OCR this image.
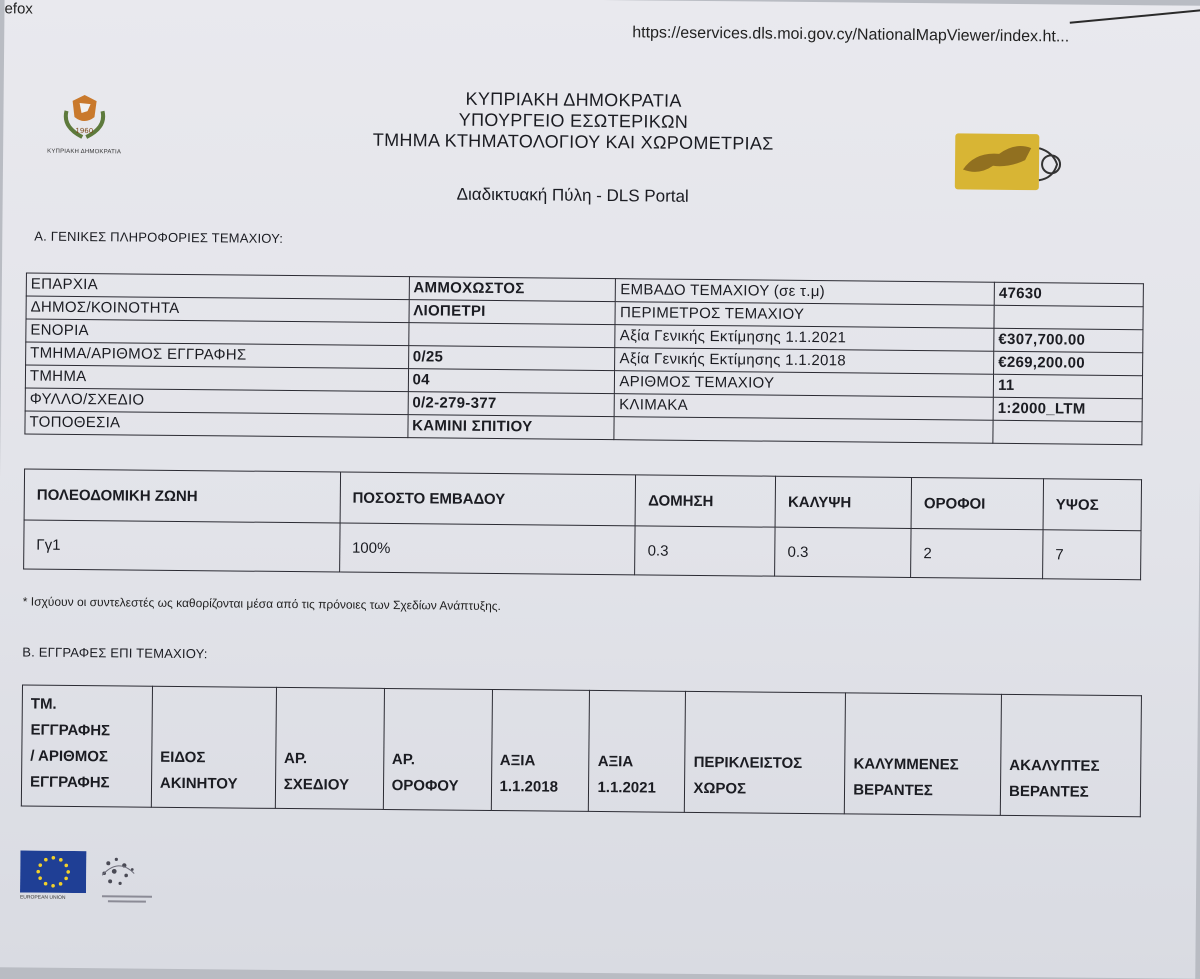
efox
https://eservices.dls.moi.gov.cy/NationalMapViewer/index.ht...
1960
ΚΥΠΡΙΑΚΗ ΔΗΜΟΚΡΑΤΙΑ
ΚΥΠΡΙΑΚΗ ΔΗΜΟΚΡΑΤΙΑ
ΥΠΟΥΡΓΕΙΟ ΕΣΩΤΕΡΙΚΩΝ
ΤΜΗΜΑ ΚΤΗΜΑΤΟΛΟΓΙΟΥ ΚΑΙ ΧΩΡΟΜΕΤΡΙΑΣ
Διαδικτυακή Πύλη - DLS Portal
Α. ΓΕΝΙΚΕΣ ΠΛΗΡΟΦΟΡΙΕΣ ΤΕΜΑΧΙΟΥ:
ΕΠΑΡΧΙΑ	ΑΜΜΟΧΩΣΤΟΣ	ΕΜΒΑΔΟ ΤΕΜΑΧΙΟΥ (σε τ.μ)	47630
ΔΗΜΟΣ/ΚΟΙΝΟΤΗΤΑ	ΛΙΟΠΕΤΡΙ	ΠΕΡΙΜΕΤΡΟΣ ΤΕΜΑΧΙΟΥ	
ΕΝΟΡΙΑ		Αξία Γενικής Εκτίμησης 1.1.2021	€307,700.00
ΤΜΗΜΑ/ΑΡΙΘΜΟΣ ΕΓΓΡΑΦΗΣ	0/25	Αξία Γενικής Εκτίμησης 1.1.2018	€269,200.00
ΤΜΗΜΑ	04	ΑΡΙΘΜΟΣ ΤΕΜΑΧΙΟΥ	11
ΦΥΛΛΟ/ΣΧΕΔΙΟ	0/2-279-377	ΚΛΙΜΑΚΑ	1:2000_LTM
ΤΟΠΟΘΕΣΙΑ	ΚΑΜΙΝΙ ΣΠΙΤΙΟΥ		
ΠΟΛΕΟΔΟΜΙΚΗ ΖΩΝΗ	ΠΟΣΟΣΤΟ ΕΜΒΑΔΟΥ	ΔΟΜΗΣΗ	ΚΑΛΥΨΗ	ΟΡΟΦΟΙ	ΥΨΟΣ
Γγ1	100%	0.3	0.3	2	7
* Ισχύουν οι συντελεστές ως καθορίζονται μέσα από τις πρόνοιες των Σχεδίων Ανάπτυξης.
Β. ΕΓΓΡΑΦΕΣ ΕΠΙ ΤΕΜΑΧΙΟΥ:
ΤΜ.
ΕΓΓΡΑΦΗΣ
/ ΑΡΙΘΜΟΣ
ΕΓΓΡΑΦΗΣ

ΕΙΔΟΣ
ΑΚΙΝΗΤΟΥ

ΑΡ.
ΣΧΕΔΙΟΥ

ΑΡ.
ΟΡΟΦΟΥ

ΑΞΙΑ
1.1.2018

ΑΞΙΑ
1.1.2021

ΠΕΡΙΚΛΕΙΣΤΟΣ
ΧΩΡΟΣ

ΚΑΛΥΜΜΕΝΕΣ
ΒΕΡΑΝΤΕΣ

ΑΚΑΛΥΠΤΕΣ
ΒΕΡΑΝΤΕΣ
EUROPEAN UNION
